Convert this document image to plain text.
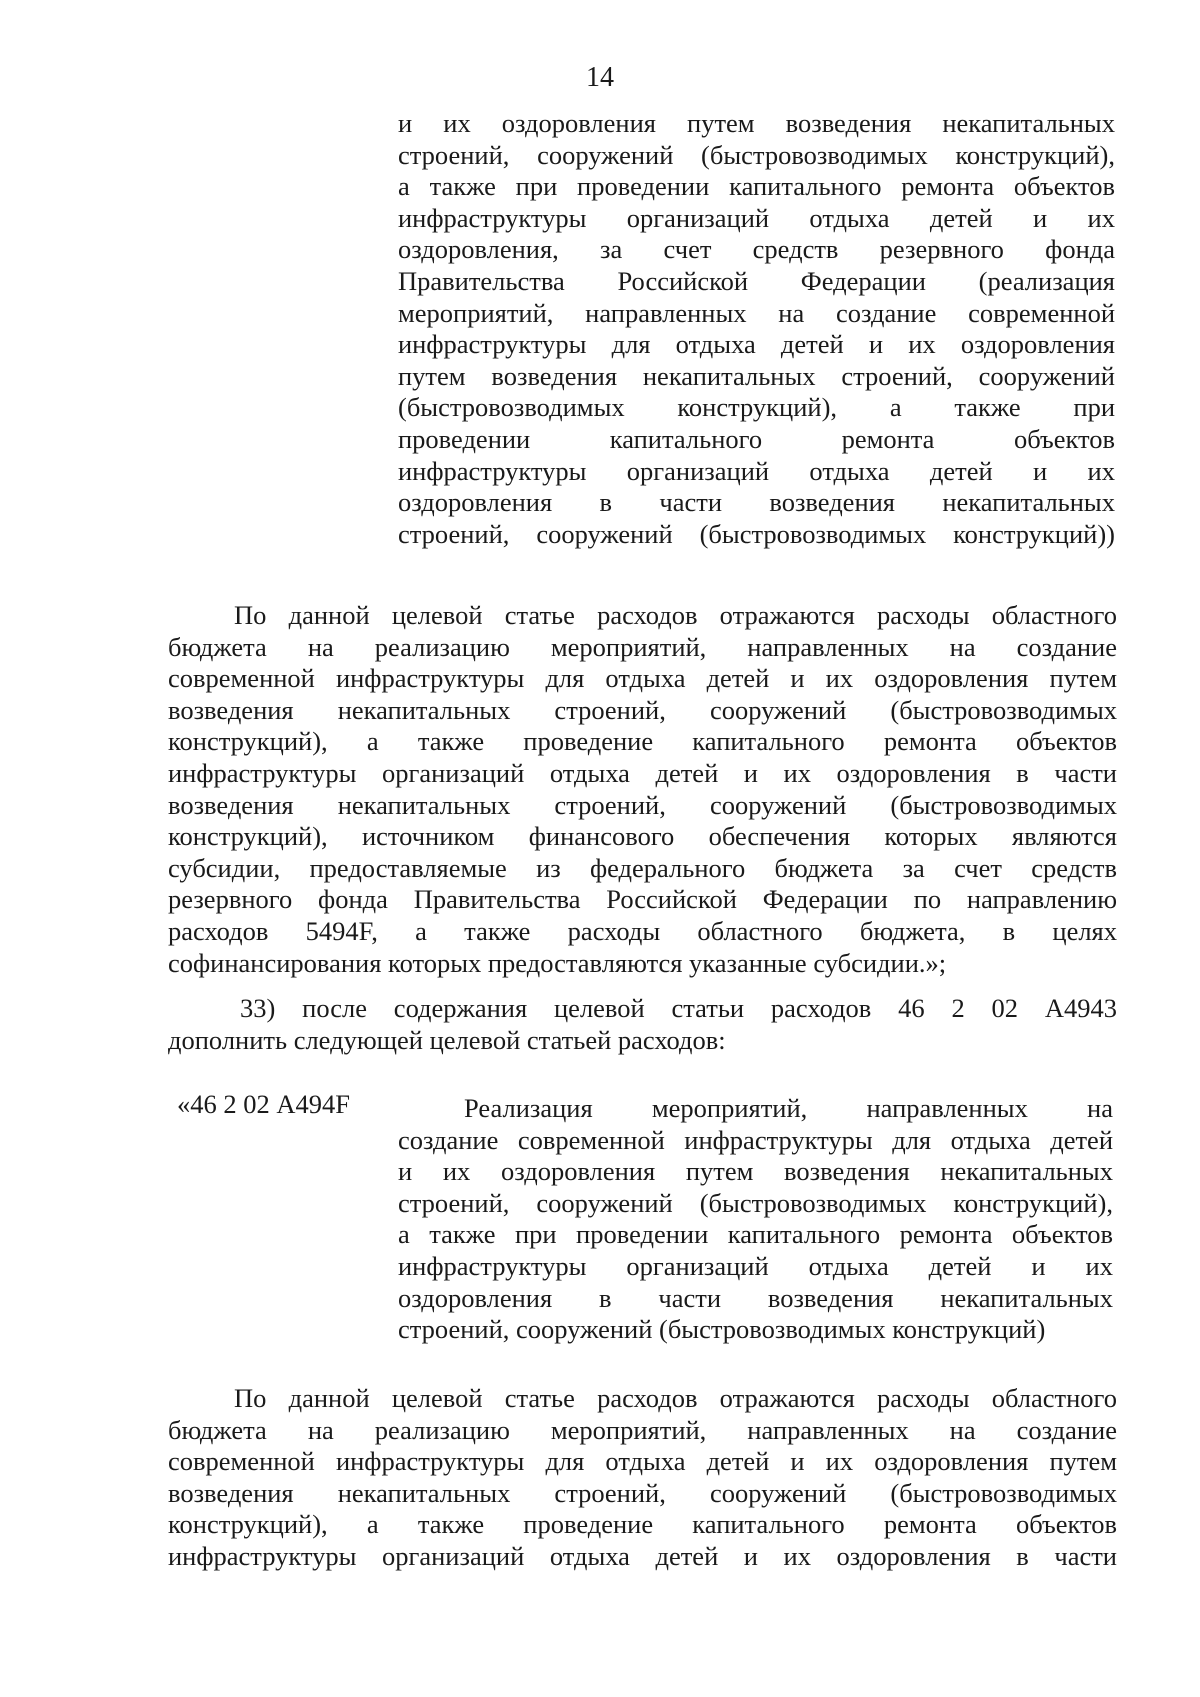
14
и их оздоровления путем возведения некапитальных
строений, сооружений (быстровозводимых конструкций),
а также при проведении капитального ремонта объектов
инфраструктуры организаций отдыха детей и их
оздоровления, за счет средств резервного фонда
Правительства Российской Федерации (реализация
мероприятий, направленных на создание современной
инфраструктуры для отдыха детей и их оздоровления
путем возведения некапитальных строений, сооружений
(быстровозводимых конструкций), а также при
проведении капитального ремонта объектов
инфраструктуры организаций отдыха детей и их
оздоровления в части возведения некапитальных
строений, сооружений (быстровозводимых конструкций))
По данной целевой статье расходов отражаются расходы областного
бюджета на реализацию мероприятий, направленных на создание
современной инфраструктуры для отдыха детей и их оздоровления путем
возведения некапитальных строений, сооружений (быстровозводимых
конструкций), а также проведение капитального ремонта объектов
инфраструктуры организаций отдыха детей и их оздоровления в части
возведения некапитальных строений, сооружений (быстровозводимых
конструкций), источником финансового обеспечения которых являются
субсидии, предоставляемые из федерального бюджета за счет средств
резервного фонда Правительства Российской Федерации по направлению
расходов 5494F, а также расходы областного бюджета, в целях
софинансирования которых предоставляются указанные субсидии.»;
33) после содержания целевой статьи расходов 46 2 02 А4943
дополнить следующей целевой статьей расходов:
«46 2 02 А494F	Реализация мероприятий, направленных на
создание современной инфраструктуры для отдыха детей
и их оздоровления путем возведения некапитальных
строений, сооружений (быстровозводимых конструкций),
а также при проведении капитального ремонта объектов
инфраструктуры организаций отдыха детей и их
оздоровления в части возведения некапитальных
строений, сооружений (быстровозводимых конструкций)
По данной целевой статье расходов отражаются расходы областного
бюджета на реализацию мероприятий, направленных на создание
современной инфраструктуры для отдыха детей и их оздоровления путем
возведения некапитальных строений, сооружений (быстровозводимых
конструкций), а также проведение капитального ремонта объектов
инфраструктуры организаций отдыха детей и их оздоровления в части
